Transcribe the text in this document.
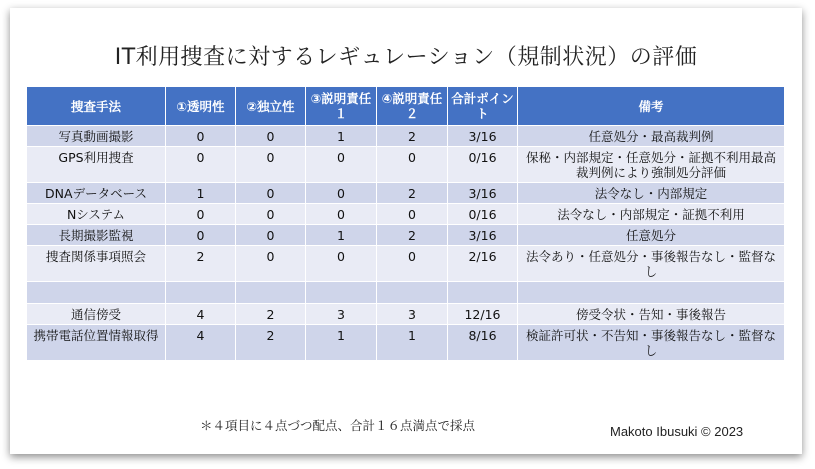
IT利用捜査に対するレギュレーション（規制状況）の評価
捜査手法	①透明性	②独立性	③説明責任１	④説明責任２	合計ポイント	備考
写真動画撮影	0	0	1	2	3/16	任意処分・最高裁判例
GPS利用捜査	0	0	0	0	0/16	保秘・内部規定・任意処分・証拠不利用最高裁判例により強制処分評価
DNAデータベース	1	0	0	2	3/16	法令なし・内部規定
Nシステム	0	0	0	0	0/16	法令なし・内部規定・証拠不利用
長期撮影監視	0	0	1	2	3/16	任意処分
捜査関係事項照会	2	0	0	0	2/16	法令あり・任意処分・事後報告なし・監督なし

通信傍受	4	2	3	3	12/16	傍受令状・告知・事後報告
携帯電話位置情報取得	4	2	1	1	8/16	検証許可状・不告知・事後報告なし・監督なし
＊４項目に４点づつ配点、合計１６点満点で採点	Makoto Ibusuki © 2023
